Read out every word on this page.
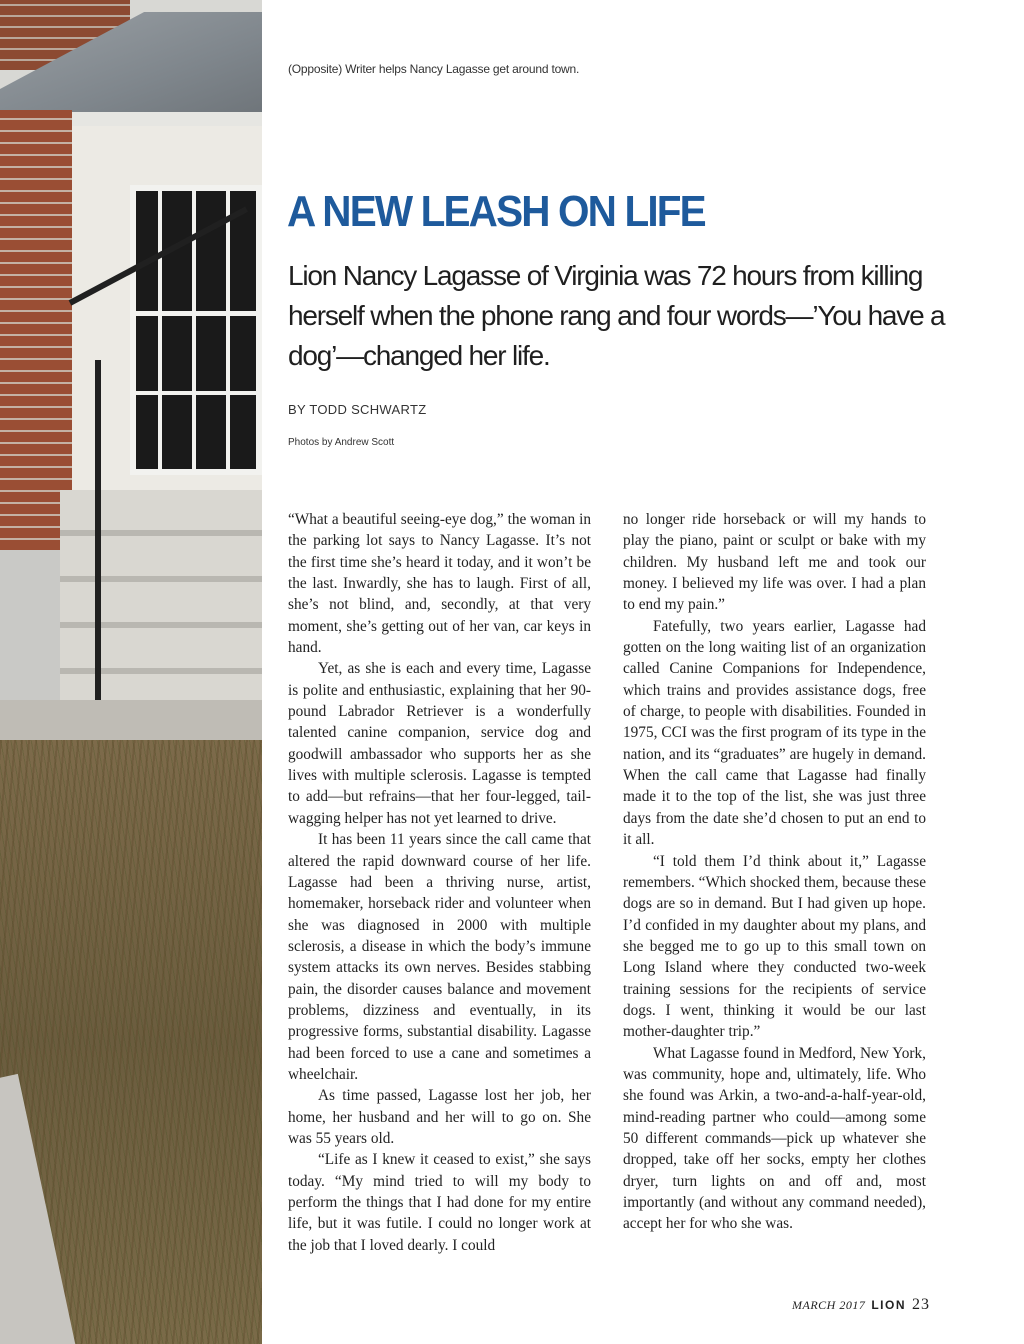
(Opposite) Writer helps Nancy Lagasse get around town.
A NEW LEASH ON LIFE

Lion Nancy Lagasse of Virginia was 72 hours from killing herself when the phone rang and four words—’You have a dog’—changed her life.

BY TODD SCHWARTZ
Photos by Andrew Scott

“What a beautiful seeing-eye dog,” the woman in the parking lot says to Nancy Lagasse. It’s not the first time she’s heard it today, and it won’t be the last. Inwardly, she has to laugh. First of all, she’s not blind, and, secondly, at that very moment, she’s getting out of her van, car keys in hand.

Yet, as she is each and every time, Lagasse is polite and enthusiastic, explaining that her 90-pound Labrador Retriever is a wonderfully talented canine companion, service dog and goodwill ambassador who supports her as she lives with multiple sclerosis. Lagasse is tempted to add—but refrains—that her four-legged, tail-wagging helper has not yet learned to drive.

It has been 11 years since the call came that altered the rapid downward course of her life. Lagasse had been a thriving nurse, artist, homemaker, horseback rider and volunteer when she was diagnosed in 2000 with multiple sclerosis, a disease in which the body’s immune system attacks its own nerves. Besides stabbing pain, the disorder causes balance and movement problems, dizziness and eventually, in its progressive forms, substantial disability. Lagasse had been forced to use a cane and sometimes a wheelchair.

As time passed, Lagasse lost her job, her home, her husband and her will to go on. She was 55 years old.

“Life as I knew it ceased to exist,” she says today. “My mind tried to will my body to perform the things that I had done for my entire life, but it was futile. I could no longer work at the job that I loved dearly. I could

no longer ride horseback or will my hands to play the piano, paint or sculpt or bake with my children. My husband left me and took our money. I believed my life was over. I had a plan to end my pain.”

Fatefully, two years earlier, Lagasse had gotten on the long waiting list of an organization called Canine Companions for Independence, which trains and provides assistance dogs, free of charge, to people with disabilities. Founded in 1975, CCI was the first program of its type in the nation, and its “graduates” are hugely in demand. When the call came that Lagasse had finally made it to the top of the list, she was just three days from the date she’d chosen to put an end to it all.

“I told them I’d think about it,” Lagasse remembers. “Which shocked them, because these dogs are so in demand. But I had given up hope. I’d confided in my daughter about my plans, and she begged me to go up to this small town on Long Island where they conducted two-week training sessions for the recipients of service dogs. I went, thinking it would be our last mother-daughter trip.”

What Lagasse found in Medford, New York, was community, hope and, ultimately, life. Who she found was Arkin, a two-and-a-half-year-old, mind-reading partner who could—among some 50 different commands—pick up whatever she dropped, take off her socks, empty her clothes dryer, turn lights on and off and, most importantly (and without any command needed), accept her for who she was.

MARCH 2017 LION 23
